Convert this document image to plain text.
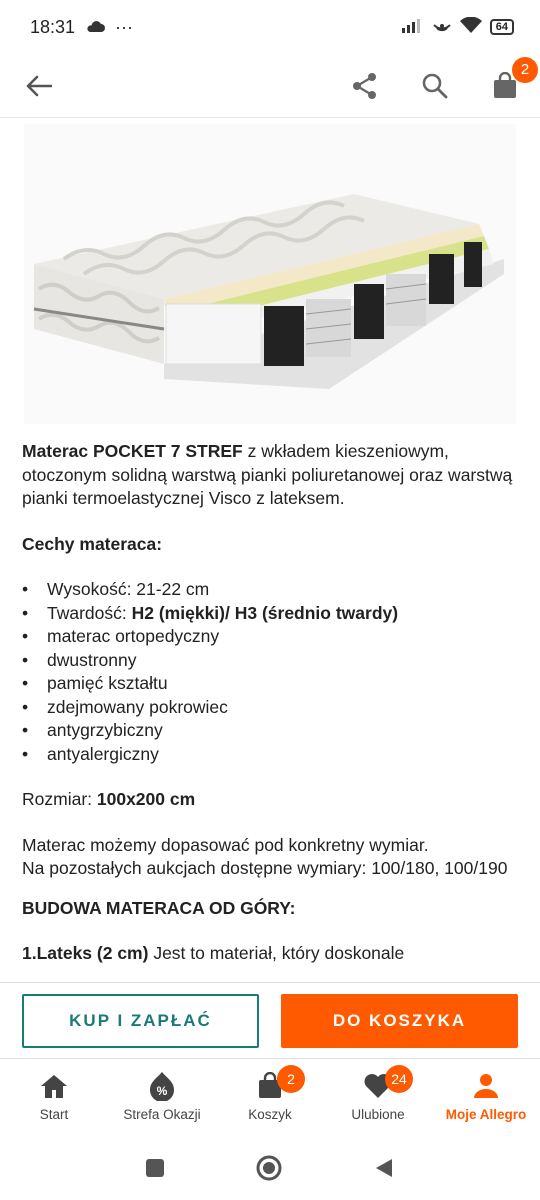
18:31 ···	64
2

Materac POCKET 7 STREF z wkładem kieszeniowym, otoczonym solidną warstwą pianki poliuretanowej oraz warstwą pianki termoelastycznej Visco z lateksem.

Cechy materaca:

• Wysokość: 21-22 cm
• Twardość: H2 (miękki)/ H3 (średnio twardy)
• materac ortopedyczny
• dwustronny
• pamięć kształtu
• zdejmowany pokrowiec
• antygrzybiczny
• antyalergiczny

Rozmiar: 100x200 cm

Materac możemy dopasować pod konkretny wymiar.
Na pozostałych aukcjach dostępne wymiary: 100/180, 100/190

BUDOWA MATERACA OD GÓRY:

1.Lateks (2 cm) Jest to materiał, który doskonale

KUP I ZAPŁAĆ	DO KOSZYKA
Start
%
Strefa Okazji
2
Koszyk
24
Ulubione	Moje Allegro
